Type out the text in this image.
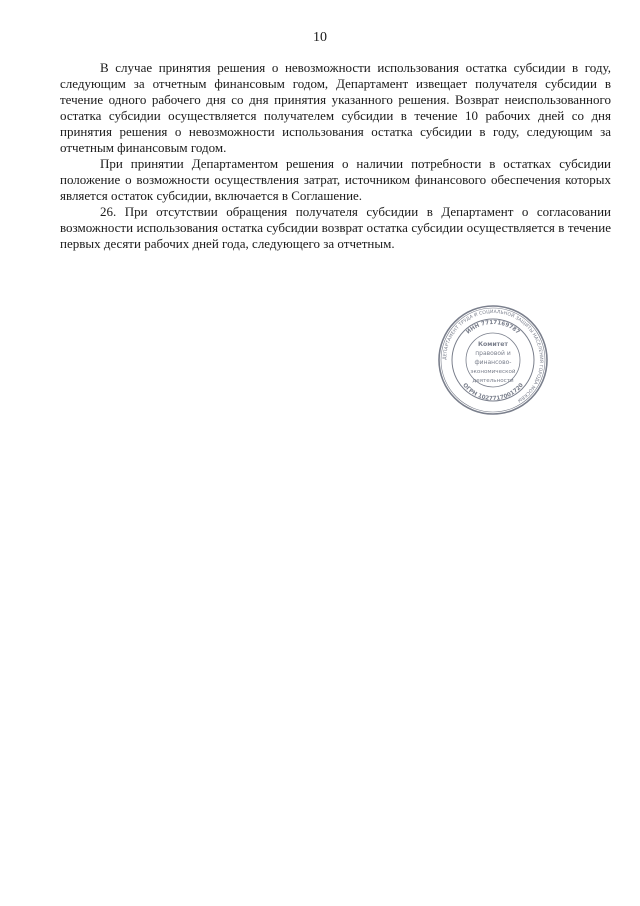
10

В случае принятия решения о невозможности использования остатка субсидии в году, следующим за отчетным финансовым годом, Департамент извещает получателя субсидии в течение одного рабочего дня со дня принятия указанного решения. Возврат неиспользованного остатка субсидии осуществляется получателем субсидии в течение 10 рабочих дней со дня принятия решения о невозможности использования остатка субсидии в году, следующим за отчетным финансовым годом.

При принятии Департаментом решения о наличии потребности в остатках субсидии положение о возможности осуществления затрат, источником финансового обеспечения которых является остаток субсидии, включается в Соглашение.

26. При отсутствии обращения получателя субсидии в Департамент о согласовании возможности использования остатка субсидии возврат остатка субсидии осуществляется в течение первых десяти рабочих дней года, следующего за отчетным.

ДЕПАРТАМЕНТ ТРУДА И СОЦИАЛЬНОЙ ЗАЩИТЫ НАСЕЛЕНИЯ ГОРОДА МОСКВЫ
ИНН 7717169787
ОГРН 1027717001720
Комитет
правовой и
финансово-
экономической
деятельности
